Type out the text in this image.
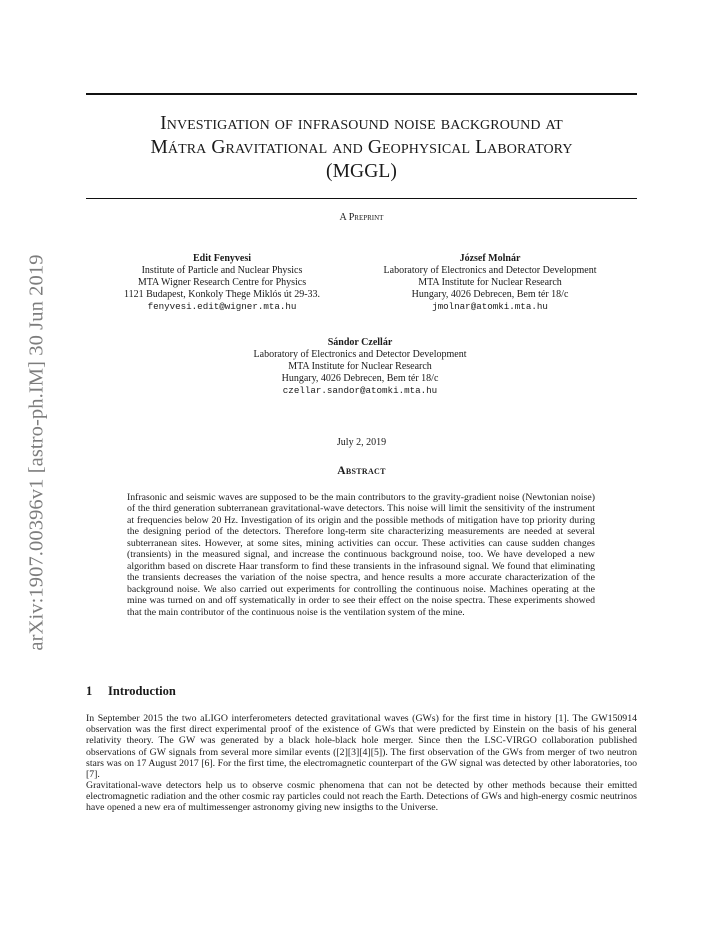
arXiv:1907.00396v1 [astro-ph.IM] 30 Jun 2019
Investigation of infrasound noise background at
Mátra Gravitational and Geophysical Laboratory
(MGGL)
A Preprint
Edit Fenyvesi
Institute of Particle and Nuclear Physics
MTA Wigner Research Centre for Physics
1121 Budapest, Konkoly Thege Miklós út 29-33.
fenyvesi.edit@wigner.mta.hu
József Molnár
Laboratory of Electronics and Detector Development
MTA Institute for Nuclear Research
Hungary, 4026 Debrecen, Bem tér 18/c
jmolnar@atomki.mta.hu
Sándor Czellár
Laboratory of Electronics and Detector Development
MTA Institute for Nuclear Research
Hungary, 4026 Debrecen, Bem tér 18/c
czellar.sandor@atomki.mta.hu
July 2, 2019
Abstract
Infrasonic and seismic waves are supposed to be the main contributors to the gravity-gradient noise (Newtonian noise) of the third generation subterranean gravitational-wave detectors. This noise will limit the sensitivity of the instrument at frequencies below 20 Hz. Investigation of its origin and the possible methods of mitigation have top priority during the designing period of the detectors. Therefore long-term site characterizing measurements are needed at several subterranean sites. However, at some sites, mining activities can occur. These activities can cause sudden changes (transients) in the measured signal, and increase the continuous background noise, too. We have developed a new algorithm based on discrete Haar transform to find these transients in the infrasound signal. We found that eliminating the transients decreases the variation of the noise spectra, and hence results a more accurate characterization of the background noise. We also carried out experiments for controlling the continuous noise. Machines operating at the mine was turned on and off systematically in order to see their effect on the noise spectra. These experiments showed that the main contributor of the continuous noise is the ventilation system of the mine.
1 Introduction
In September 2015 the two aLIGO interferometers detected gravitational waves (GWs) for the first time in history [1]. The GW150914 observation was the first direct experimental proof of the existence of GWs that were predicted by Einstein on the basis of his general relativity theory. The GW was generated by a black hole-black hole merger. Since then the LSC-VIRGO collaboration published observations of GW signals from several more similar events ([2][3][4][5]). The first observation of the GWs from merger of two neutron stars was on 17 August 2017 [6]. For the first time, the electromagnetic counterpart of the GW signal was detected by other laboratories, too [7].
Gravitational-wave detectors help us to observe cosmic phenomena that can not be detected by other methods because their emitted electromagnetic radiation and the other cosmic ray particles could not reach the Earth. Detections of GWs and high-energy cosmic neutrinos have opened a new era of multimessenger astronomy giving new insigths to the Universe.
